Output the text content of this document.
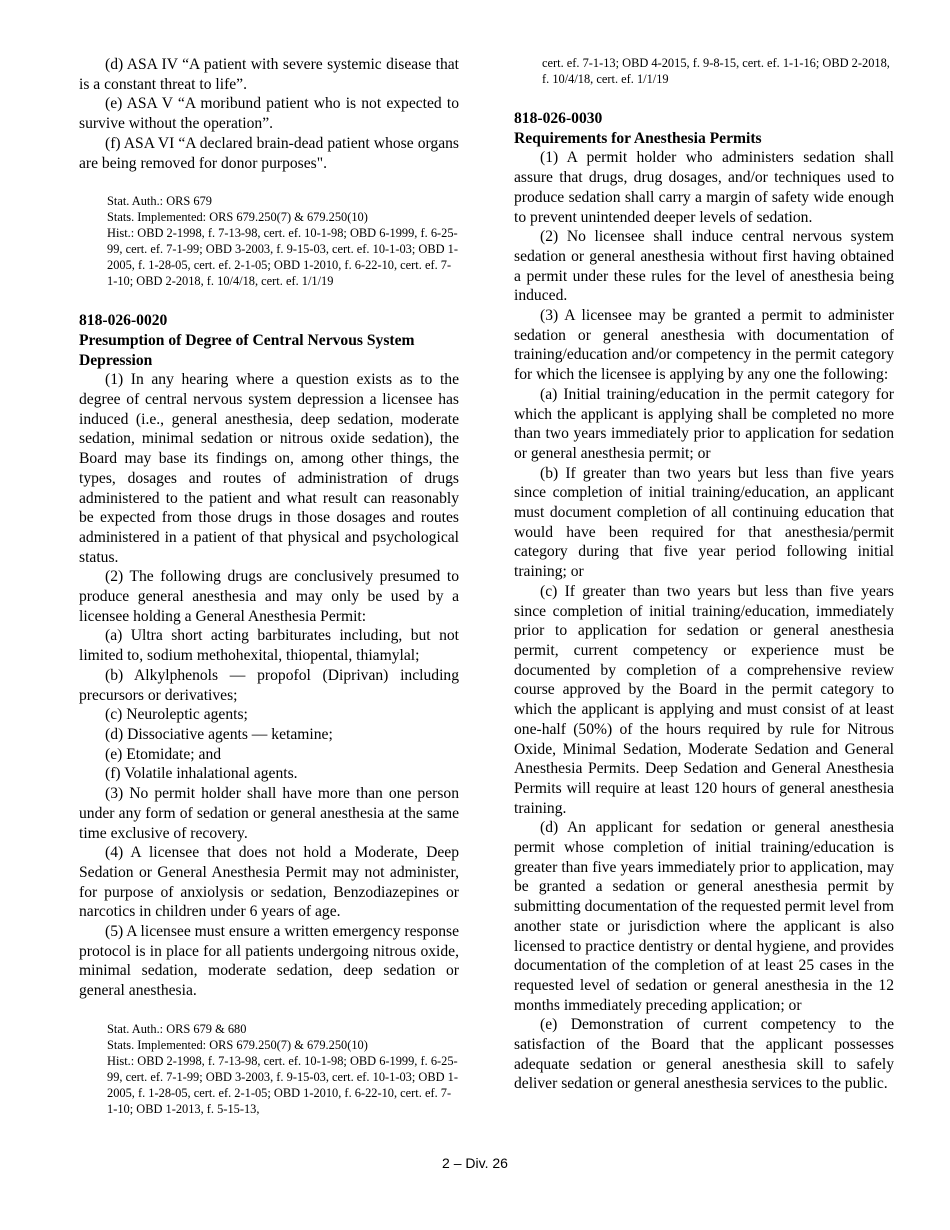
(d) ASA IV “A patient with severe systemic disease that is a constant threat to life”.

(e) ASA V “A moribund patient who is not expected to survive without the operation”.

(f) ASA VI “A declared brain-dead patient whose organs are being removed for donor purposes".

Stat. Auth.: ORS 679

Stats. Implemented: ORS 679.250(7) & 679.250(10)

Hist.: OBD 2-1998, f. 7-13-98, cert. ef. 10-1-98; OBD 6-1999, f. 6-25-99, cert. ef. 7-1-99; OBD 3-2003, f. 9-15-03, cert. ef. 10-1-03; OBD 1-2005, f. 1-28-05, cert. ef. 2-1-05; OBD 1-2010, f. 6-22-10, cert. ef. 7-1-10; OBD 2-2018, f. 10/4/18, cert. ef. 1/1/19

818-026-0020
Presumption of Degree of Central Nervous System Depression

(1) In any hearing where a question exists as to the degree of central nervous system depression a licensee has induced (i.e., general anesthesia, deep sedation, moderate sedation, minimal sedation or nitrous oxide sedation), the Board may base its findings on, among other things, the types, dosages and routes of administration of drugs administered to the patient and what result can reasonably be expected from those drugs in those dosages and routes administered in a patient of that physical and psychological status.

(2) The following drugs are conclusively presumed to produce general anesthesia and may only be used by a licensee holding a General Anesthesia Permit:

(a) Ultra short acting barbiturates including, but not limited to, sodium methohexital, thiopental, thiamylal;

(b) Alkylphenols — propofol (Diprivan) including precursors or derivatives;

(c) Neuroleptic agents;

(d) Dissociative agents — ketamine;

(e) Etomidate; and

(f) Volatile inhalational agents.

(3) No permit holder shall have more than one person under any form of sedation or general anesthesia at the same time exclusive of recovery.

(4) A licensee that does not hold a Moderate, Deep Sedation or General Anesthesia Permit may not administer, for purpose of anxiolysis or sedation, Benzodiazepines or narcotics in children under 6 years of age.

(5) A licensee must ensure a written emergency response protocol is in place for all patients undergoing nitrous oxide, minimal sedation, moderate sedation, deep sedation or general anesthesia.

Stat. Auth.: ORS 679 & 680

Stats. Implemented: ORS 679.250(7) & 679.250(10)

Hist.: OBD 2-1998, f. 7-13-98, cert. ef. 10-1-98; OBD 6-1999, f. 6-25-99, cert. ef. 7-1-99; OBD 3-2003, f. 9-15-03, cert. ef. 10-1-03; OBD 1-2005, f. 1-28-05, cert. ef. 2-1-05; OBD 1-2010, f. 6-22-10, cert. ef. 7-1-10; OBD 1-2013, f. 5-15-13,

cert. ef. 7-1-13; OBD 4-2015, f. 9-8-15, cert. ef. 1-1-16; OBD 2-2018, f. 10/4/18, cert. ef. 1/1/19

818-026-0030
Requirements for Anesthesia Permits

(1) A permit holder who administers sedation shall assure that drugs, drug dosages, and/or techniques used to produce sedation shall carry a margin of safety wide enough to prevent unintended deeper levels of sedation.

(2) No licensee shall induce central nervous system sedation or general anesthesia without first having obtained a permit under these rules for the level of anesthesia being induced.

(3) A licensee may be granted a permit to administer sedation or general anesthesia with documentation of training/education and/or competency in the permit category for which the licensee is applying by any one the following:

(a) Initial training/education in the permit category for which the applicant is applying shall be completed no more than two years immediately prior to application for sedation or general anesthesia permit; or

(b) If greater than two years but less than five years since completion of initial training/education, an applicant must document completion of all continuing education that would have been required for that anesthesia/permit category during that five year period following initial training; or

(c) If greater than two years but less than five years since completion of initial training/education, immediately prior to application for sedation or general anesthesia permit, current competency or experience must be documented by completion of a comprehensive review course approved by the Board in the permit category to which the applicant is applying and must consist of at least one-half (50%) of the hours required by rule for Nitrous Oxide, Minimal Sedation, Moderate Sedation and General Anesthesia Permits. Deep Sedation and General Anesthesia Permits will require at least 120 hours of general anesthesia training.

(d) An applicant for sedation or general anesthesia permit whose completion of initial training/education is greater than five years immediately prior to application, may be granted a sedation or general anesthesia permit by submitting documentation of the requested permit level from another state or jurisdiction where the applicant is also licensed to practice dentistry or dental hygiene, and provides documentation of the completion of at least 25 cases in the requested level of sedation or general anesthesia in the 12 months immediately preceding application; or

(e) Demonstration of current competency to the satisfaction of the Board that the applicant possesses adequate sedation or general anesthesia skill to safely deliver sedation or general anesthesia services to the public.

2 – Div. 26
